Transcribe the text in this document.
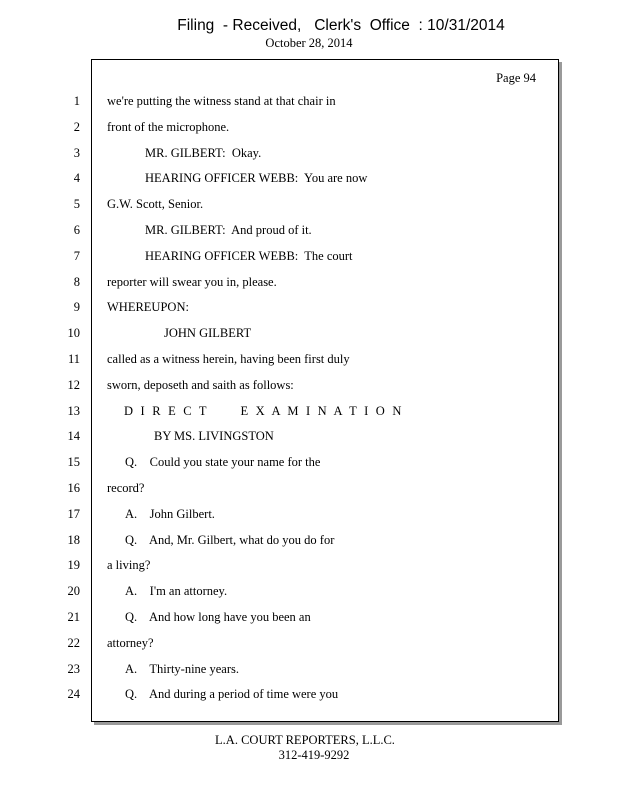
Filing  - Received,   Clerk's  Office  : 10/31/2014
October 28, 2014
Page 94
1
2
3
4
5
6
7
8
9
10
11
12
13
14
15
16
17
18
19
20
21
22
23
24
we're putting the witness stand at that chair in
front of the microphone.
MR. GILBERT:  Okay.
HEARING OFFICER WEBB:  You are now
G.W. Scott, Senior.
MR. GILBERT:  And proud of it.
HEARING OFFICER WEBB:  The court
reporter will swear you in, please.
WHEREUPON:
JOHN GILBERT
called as a witness herein, having been first duly
sworn, deposeth and saith as follows:
D I R E C T      E X A M I N A T I O N
BY MS. LIVINGSTON
Q.    Could you state your name for the
record?
A.    John Gilbert.
Q.    And, Mr. Gilbert, what do you do for
a living?
A.    I'm an attorney.
Q.    And how long have you been an
attorney?
A.    Thirty-nine years.
Q.    And during a period of time were you
L.A. COURT REPORTERS, L.L.C.
312-419-9292
